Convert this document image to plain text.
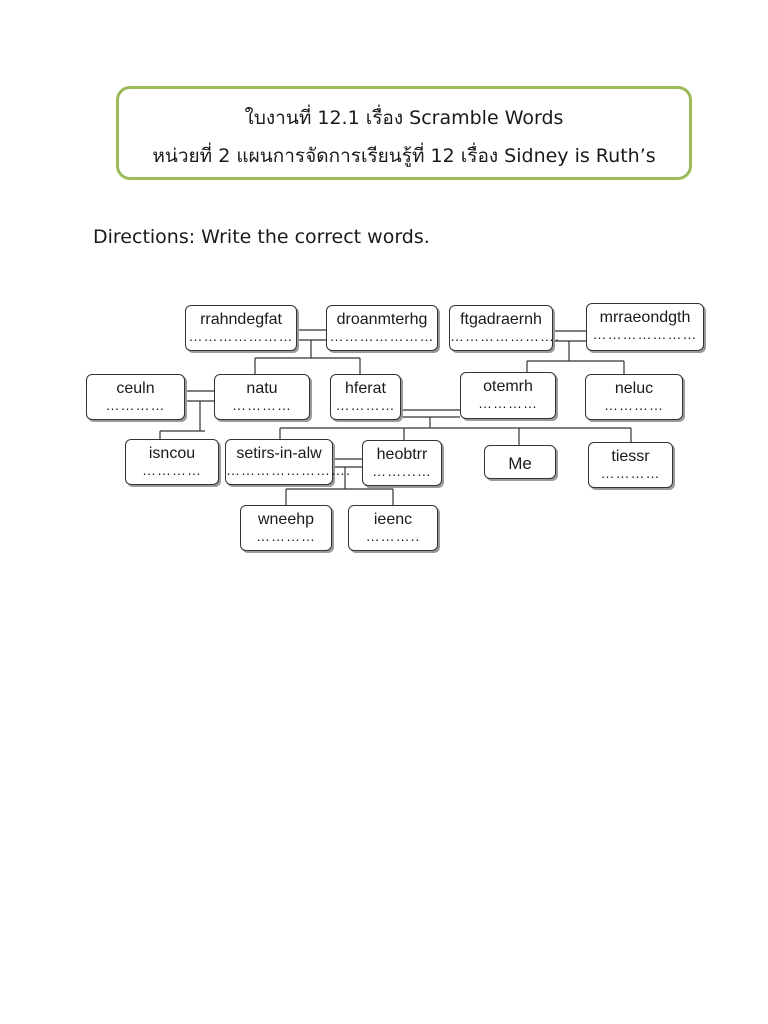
ใบงานที่ 12.1 เรื่อง Scramble Words
หน่วยที่ 2 แผนการจัดการเรียนรู้ที่ 12 เรื่อง Sidney is Ruth’s
Directions: Write the correct words.
rrahndegfat
…………………
droanmterhg
…………………
ftgadraernh
………………….
mrraeondgth
…………………
ceuln
…………
natu
…………
hferat
…………
otemrh
…………
neluc
…………
isncou
…………
setirs-in-alw
…………………….
heobtrr
……...…	Me	tiessr
…………
wneehp
…………
ieenc
………..
